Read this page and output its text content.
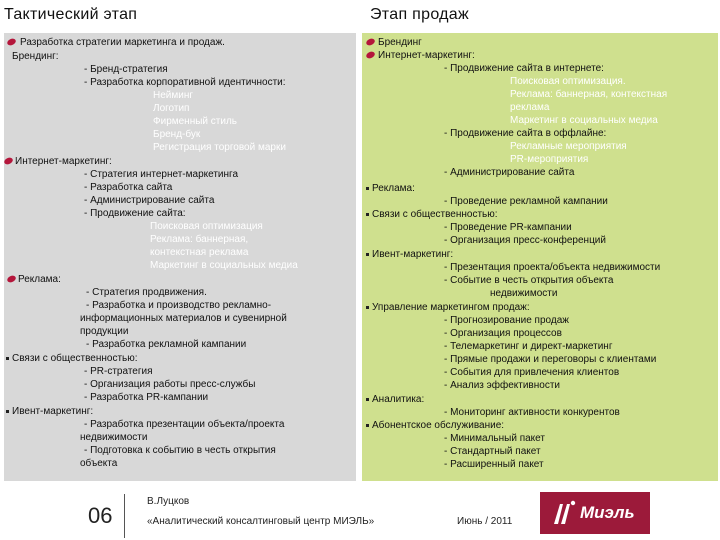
Тактический этап	Этап продаж
Разработка стратегии маркетинга и продаж.
Брендинг:
- Бренд-стратегия
- Разработка корпоративной идентичности:
Нейминг
Логотип
Фирменный стиль
Бренд-бук
Регистрация торговой марки
Интернет-маркетинг:
- Стратегия интернет-маркетинга
- Разработка сайта
- Администрирование сайта
- Продвижение сайта:
Поисковая оптимизация
Реклама: баннерная,
контекстная реклама
Маркетинг в социальных медиа
Реклама:
- Стратегия продвижения.
- Разработка и производство рекламно-
информационных материалов и сувенирной
продукции
- Разработка рекламной кампании
Связи с общественностью:
- PR-стратегия
- Организация работы пресс-службы
- Разработка PR-кампании
Ивент-маркетинг:
- Разработка презентации объекта/проекта
недвижимости
- Подготовка к событию в честь открытия
объекта
Брендинг
Интернет-маркетинг:
- Продвижение сайта в интернете:
Поисковая оптимизация.
Реклама: баннерная, контекстная
реклама
Маркетинг в социальных медиа
- Продвижение сайта в оффлайне:
Рекламные мероприятия
PR-мероприятия
- Администрирование сайта
Реклама:
- Проведение рекламной кампании
Связи с общественностью:
- Проведение PR-кампании
- Организация пресс-конференций
Ивент-маркетинг:
- Презентация проекта/объекта недвижимости
- Событие в честь открытия объекта
недвижимости
Управление маркетингом продаж:
- Прогнозирование продаж
- Организация процессов
- Телемаркетинг и директ-маркетинг
- Прямые продажи и переговоры с клиентами
- События для привлечения клиентов
- Анализ эффективности
Аналитика:
- Мониторинг активности конкурентов
Абонентское обслуживание:
- Минимальный пакет
- Стандартный пакет
- Расширенный пакет
06
В.Луцков
«Аналитический консалтинговый центр МИЭЛЬ»	Июнь / 2011	Миэль
